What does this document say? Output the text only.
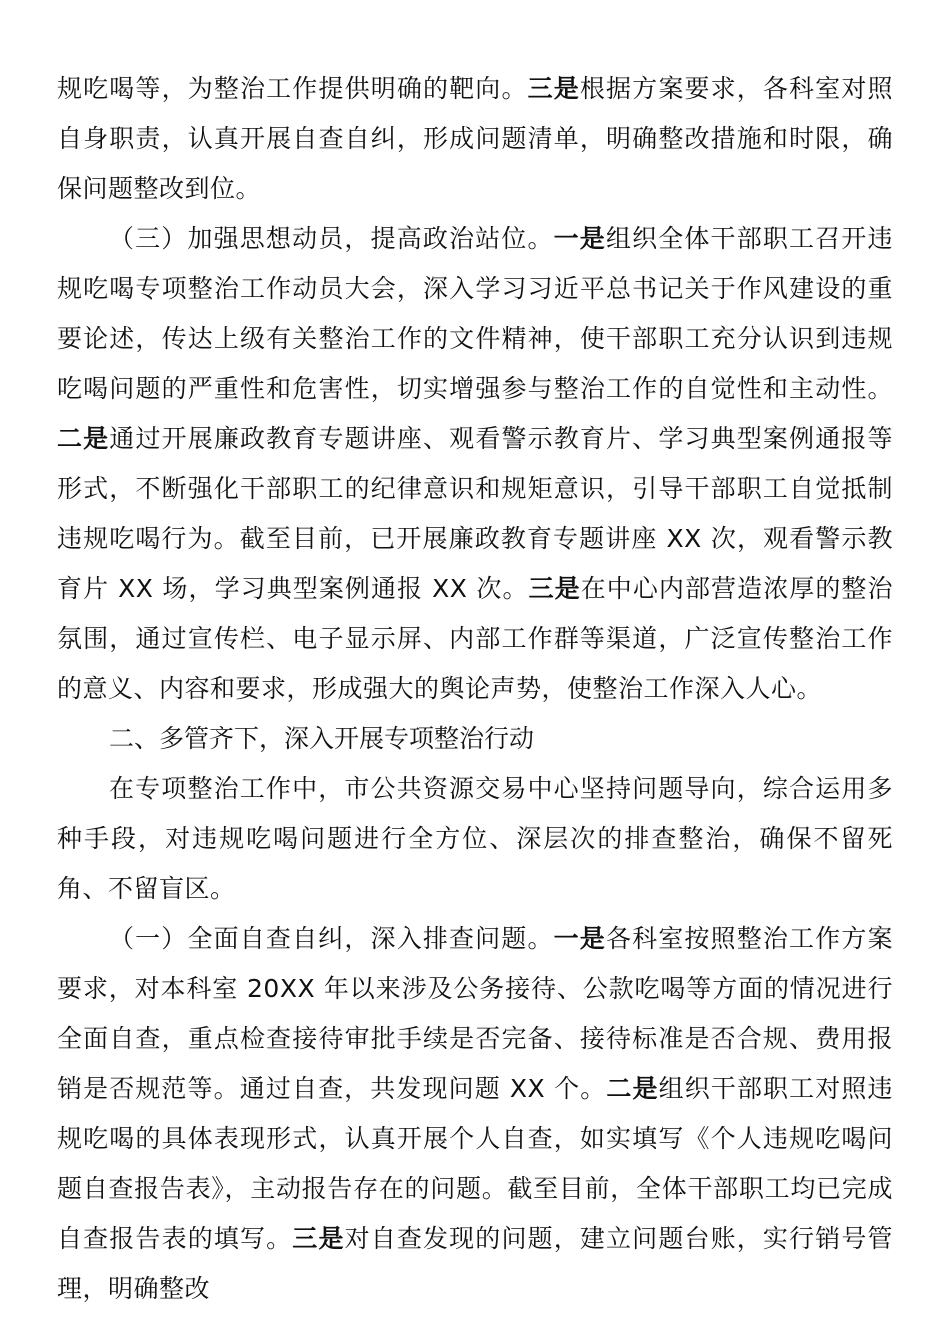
规吃喝等，为整治工作提供明确的靶向。三是根据方案要求，各科室对照自身职责，认真开展自查自纠，形成问题清单，明确整改措施和时限，确保问题整改到位。

（三）加强思想动员，提高政治站位。一是组织全体干部职工召开违规吃喝专项整治工作动员大会，深入学习习近平总书记关于作风建设的重要论述，传达上级有关整治工作的文件精神，使干部职工充分认识到违规吃喝问题的严重性和危害性，切实增强参与整治工作的自觉性和主动性。二是通过开展廉政教育专题讲座、观看警示教育片、学习典型案例通报等形式，不断强化干部职工的纪律意识和规矩意识，引导干部职工自觉抵制违规吃喝行为。截至目前，已开展廉政教育专题讲座 XX 次，观看警示教育片 XX 场，学习典型案例通报 XX 次。三是在中心内部营造浓厚的整治氛围，通过宣传栏、电子显示屏、内部工作群等渠道，广泛宣传整治工作的意义、内容和要求，形成强大的舆论声势，使整治工作深入人心。

二、多管齐下，深入开展专项整治行动

在专项整治工作中，市公共资源交易中心坚持问题导向，综合运用多种手段，对违规吃喝问题进行全方位、深层次的排查整治，确保不留死角、不留盲区。

（一）全面自查自纠，深入排查问题。一是各科室按照整治工作方案要求，对本科室 20XX 年以来涉及公务接待、公款吃喝等方面的情况进行全面自查，重点检查接待审批手续是否完备、接待标准是否合规、费用报销是否规范等。通过自查，共发现问题 XX 个。二是组织干部职工对照违规吃喝的具体表现形式，认真开展个人自查，如实填写《个人违规吃喝问题自查报告表》，主动报告存在的问题。截至目前，全体干部职工均已完成自查报告表的填写。三是对自查发现的问题，建立问题台账，实行销号管理，明确整改
